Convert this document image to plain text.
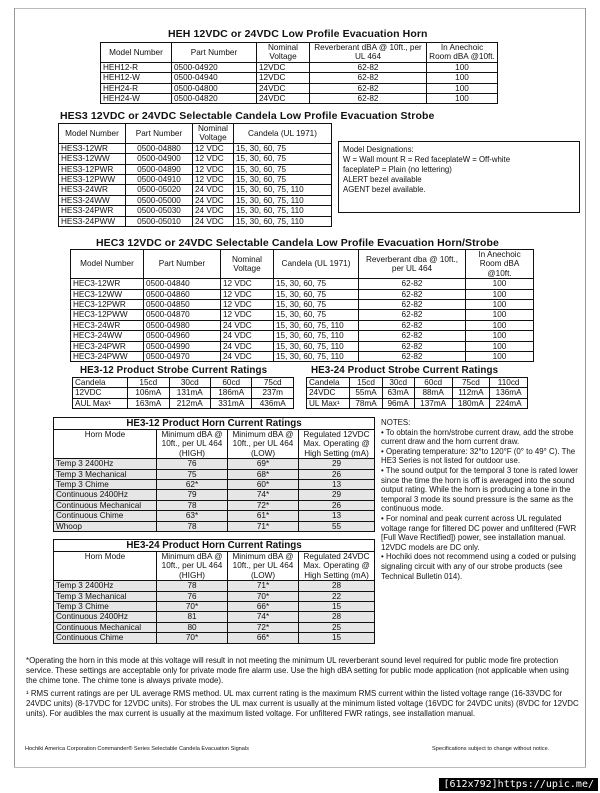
HEH 12VDC or 24VDC Low Profile Evacuation Horn
Model Number	Part Number	Nominal Voltage	Reverberant dBA @ 10ft., per UL 464	In Anechoic Room dBA @10ft.
HEH12-R	0500-04920	12VDC	62-82	100
HEH12-W	0500-04940	12VDC	62-82	100
HEH24-R	0500-04800	24VDC	62-82	100
HEH24-W	0500-04820	24VDC	62-82	100
HES3 12VDC or 24VDC Selectable Candela Low Profile Evacuation Strobe
Model Number	Part Number	Nominal Voltage	Candela (UL 1971)
HES3-12WR	0500-04880	12 VDC	15, 30, 60, 75
HES3-12WW	0500-04900	12 VDC	15, 30, 60, 75
HES3-12PWR	0500-04890	12 VDC	15, 30, 60, 75
HES3-12PWW	0500-04910	12 VDC	15, 30, 60, 75
HES3-24WR	0500-05020	24 VDC	15, 30, 60, 75, 110
HES3-24WW	0500-05000	24 VDC	15, 30, 60, 75, 110
HES3-24PWR	0500-05030	24 VDC	15, 30, 60, 75, 110
HES3-24PWW	0500-05010	24 VDC	15, 30, 60, 75, 110
Model Designations:
W = Wall mount R = Red faceplateW = Off-white
faceplateP = Plain (no lettering)
ALERT bezel available
AGENT bezel available.
HEC3 12VDC or 24VDC Selectable Candela Low Profile Evacuation Horn/Strobe
Model Number	Part Number	Nominal Voltage	Candela (UL 1971)	Reverberant dba @ 10ft., per UL 464	In Anechoic Room dBA @10ft.
HEC3-12WR	0500-04840	12 VDC	15, 30, 60, 75	62-82	100
HEC3-12WW	0500-04860	12 VDC	15, 30, 60, 75	62-82	100
HEC3-12PWR	0500-04850	12 VDC	15, 30, 60, 75	62-82	100
HEC3-12PWW	0500-04870	12 VDC	15, 30, 60, 75	62-82	100
HEC3-24WR	0500-04980	24 VDC	15, 30, 60, 75, 110	62-82	100
HEC3-24WW	0500-04960	24 VDC	15, 30, 60, 75, 110	62-82	100
HEC3-24PWR	0500-04990	24 VDC	15, 30, 60, 75, 110	62-82	100
HEC3-24PWW	0500-04970	24 VDC	15, 30, 60, 75, 110	62-82	100
HE3-12 Product Strobe Current Ratings
Candela	15cd	30cd	60cd	75cd
12VDC	106mA	131mA	186mA	237m
AUL Max¹	163mA	212mA	331mA	436mA
HE3-24 Product Strobe Current Ratings
Candela	15cd	30cd	60cd	75cd	110cd
24VDC	55mA	63mA	88mA	112mA	136mA
UL Max¹	78mA	96mA	137mA	180mA	224mA
HE3-12 Product Horn Current Ratings			
Horn Mode	Minimum dBA @ 10ft., per UL 464 (HIGH)	Minimum dBA @ 10ft., per UL 464 (LOW)	Regulated 12VDC Max. Operating @ High Setting (mA)
Temp 3 2400Hz	76	69*	29
Temp 3 Mechanical	75	68*	26
Temp 3 Chime	62*	60*	13
Continuous 2400Hz	79	74*	29
Continuous Mechanical	78	72*	26
Continuous Chime	63*	61*	13
Whoop	78	71*	55
HE3-24 Product Horn Current Ratings			
Horn Mode	Minimum dBA @ 10ft., per UL 464 (HIGH)	Minimum dBA @ 10ft., per UL 464 (LOW)	Regulated 24VDC Max. Operating @ High Setting (mA)
Temp 3 2400Hz	78	71*	28
Temp 3 Mechanical	76	70*	22
Temp 3 Chime	70*	66*	15
Continuous 2400Hz	81	74*	28
Continuous Mechanical	80	72*	25
Continuous Chime	70*	66*	15

NOTES:

• To obtain the horn/strobe current draw, add the strobe current draw and the horn current draw.

• Operating temperature: 32°to 120°F (0° to 49° C). The HE3 Series is not listed for outdoor use.

• The sound output for the temporal 3 tone is rated lower since the time the horn is off is averaged into the sound output rating. While the horn is producing a tone in the temporal 3 mode its sound pressure is the same as the continuous mode.

• For nominal and peak current across UL regulated voltage range for filtered DC power and unfiltered (FWR [Full Wave Rectified]) power, see installation manual. 12VDC models are DC only.

• Hochiki does not recommend using a coded or pulsing signaling circuit with any of our strobe products (see Technical Bulletin 014).

*Operating the horn in this mode at this voltage will result in not meeting the minimum UL reverberant sound level required for public mode fire protection service. These settings are acceptable only for private mode fire alarm use. Use the high dBA setting for public mode application (not applicable when using the chime tone. The chime tone is always private mode).

¹ RMS current ratings are per UL average RMS method. UL max current rating is the maximum RMS current within the listed voltage range (16-33VDC for 24VDC units) (8-17VDC for 12VDC units). For strobes the UL max current is usually at the minimum listed voltage (16VDC for 24VDC units) (8VDC for 12VDC units). For audibles the max current is usually at the maximum listed voltage. For unfiltered FWR ratings, see installation manual.

Hochiki America Corporation Commander® Series Selectable Candela Evacuation Signals	Specifications subject to change without notice.
[612x792]https://upic.me/
